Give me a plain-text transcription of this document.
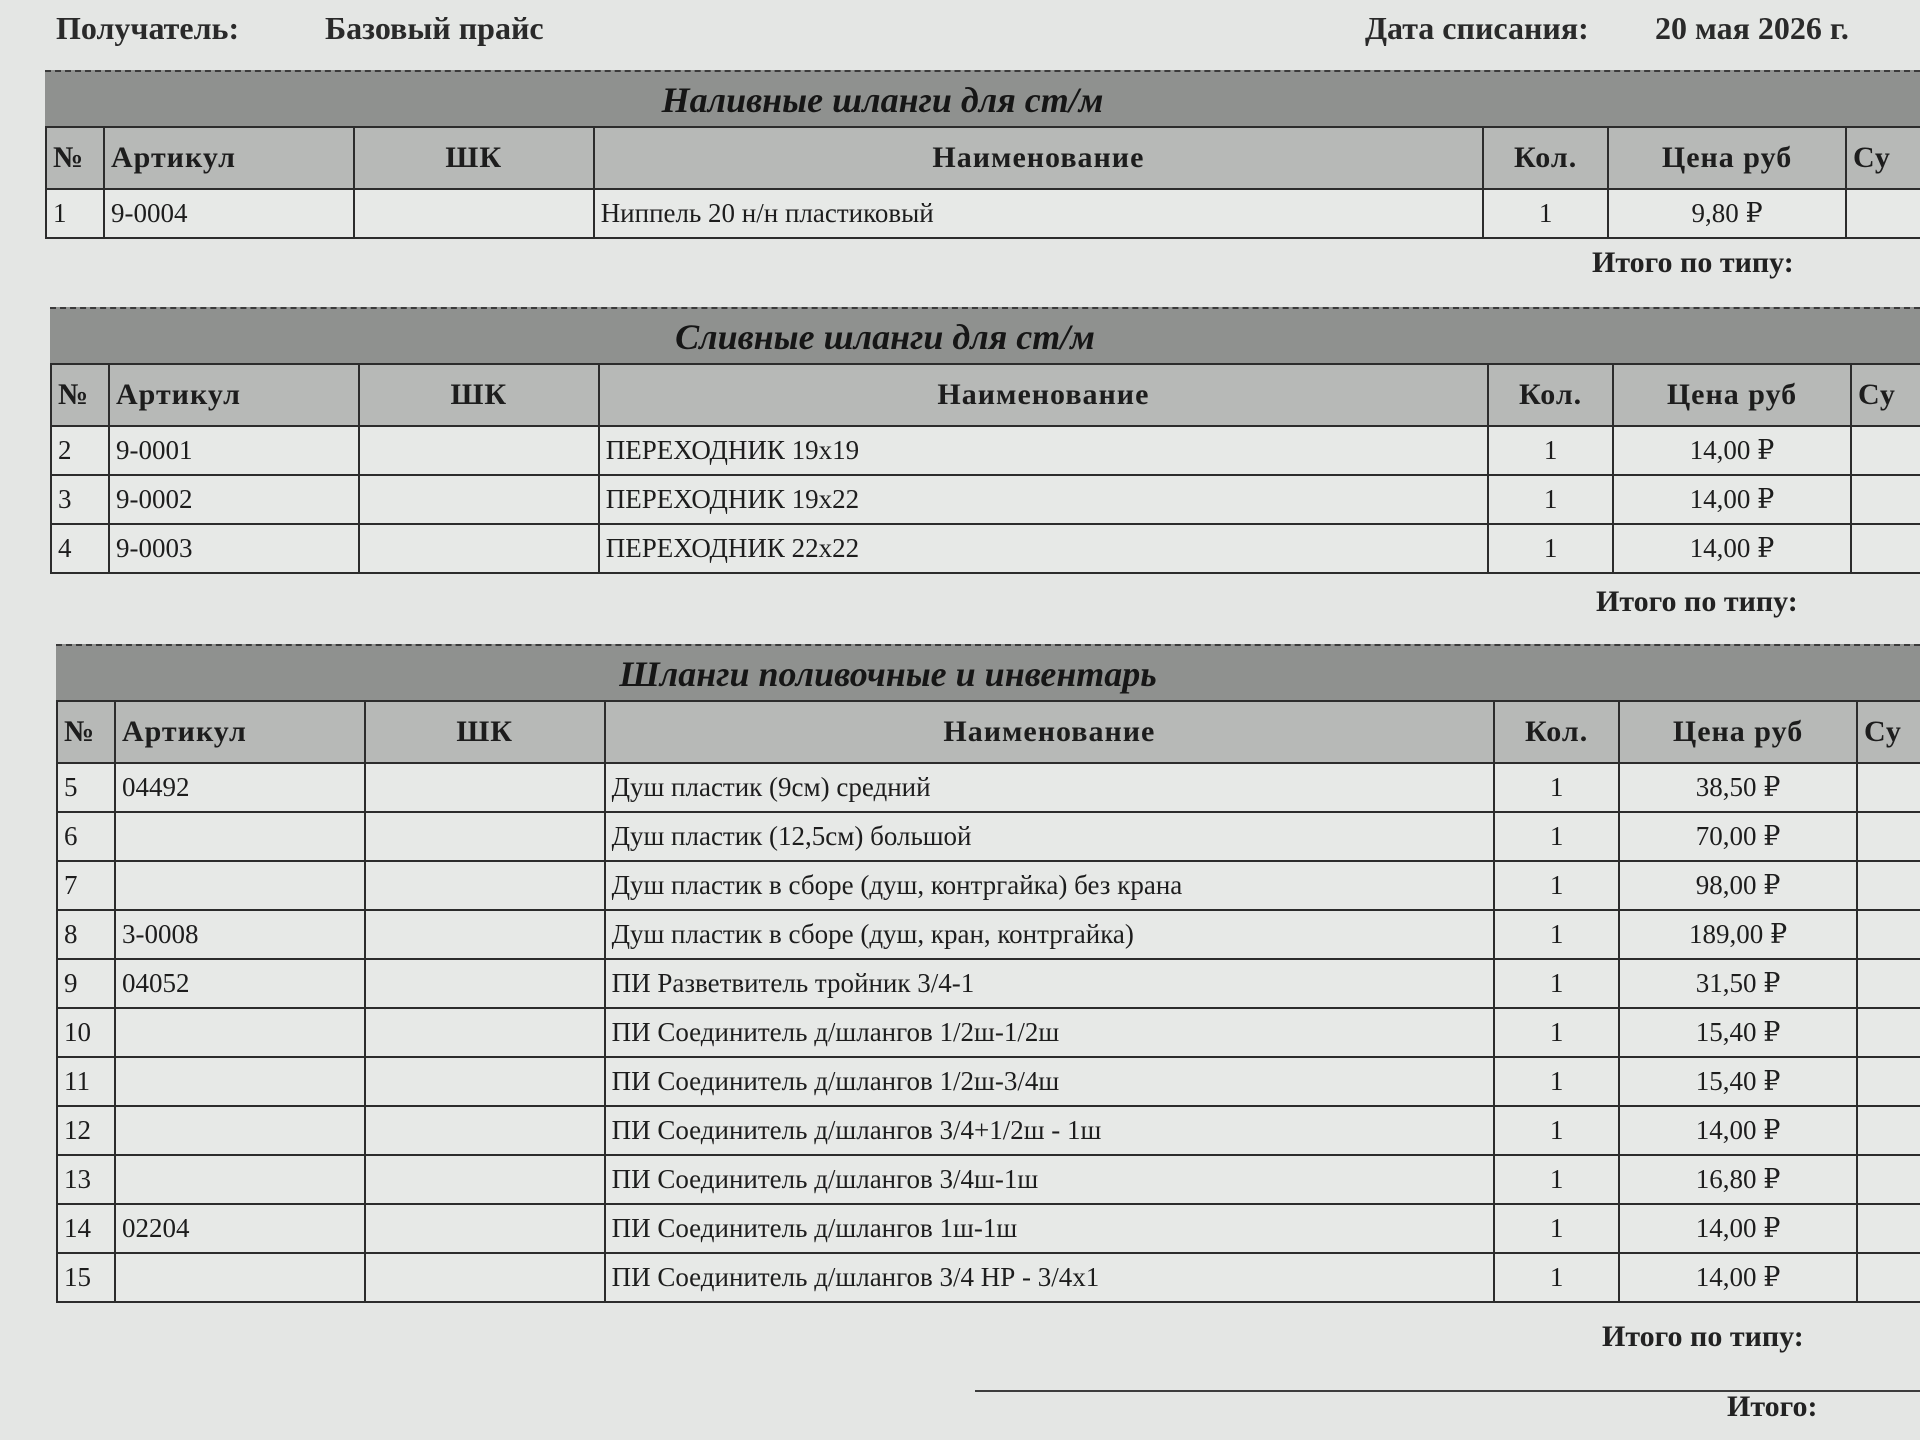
Получатель:	Базовый прайс	Дата списания: 20 мая 2026 г.
Наливные шланги для ст/м
№	Артикул	ШК	Наименование	Кол.	Цена руб	Су
1	9-0004		Ниппель 20 н/н пластиковый	1	9,80 ₽	
Итого по типу:
Сливные шланги для ст/м
№	Артикул	ШК	Наименование	Кол.	Цена руб	Су
2	9-0001		ПЕРЕХОДНИК 19х19	1	14,00 ₽	
3	9-0002		ПЕРЕХОДНИК 19х22	1	14,00 ₽	
4	9-0003		ПЕРЕХОДНИК 22х22	1	14,00 ₽	
Итого по типу:
Шланги поливочные и инвентарь
№	Артикул	ШК	Наименование	Кол.	Цена руб	Су
5	04492		Душ пластик (9см) средний	1	38,50 ₽	
6			Душ пластик (12,5см) большой	1	70,00 ₽	
7			Душ пластик в сборе (душ, контргайка) без крана	1	98,00 ₽	
8	3-0008		Душ пластик в сборе (душ, кран, контргайка)	1	189,00 ₽	
9	04052		ПИ Разветвитель тройник 3/4-1	1	31,50 ₽	
10			ПИ Соединитель д/шлангов 1/2ш-1/2ш	1	15,40 ₽	
11			ПИ Соединитель д/шлангов 1/2ш-3/4ш	1	15,40 ₽	
12			ПИ Соединитель д/шлангов 3/4+1/2ш - 1ш	1	14,00 ₽	
13			ПИ Соединитель д/шлангов 3/4ш-1ш	1	16,80 ₽	
14	02204		ПИ Соединитель д/шлангов 1ш-1ш	1	14,00 ₽	
15			ПИ Соединитель д/шлангов 3/4 НР - 3/4х1	1	14,00 ₽	
Итого по типу:
Итого:
